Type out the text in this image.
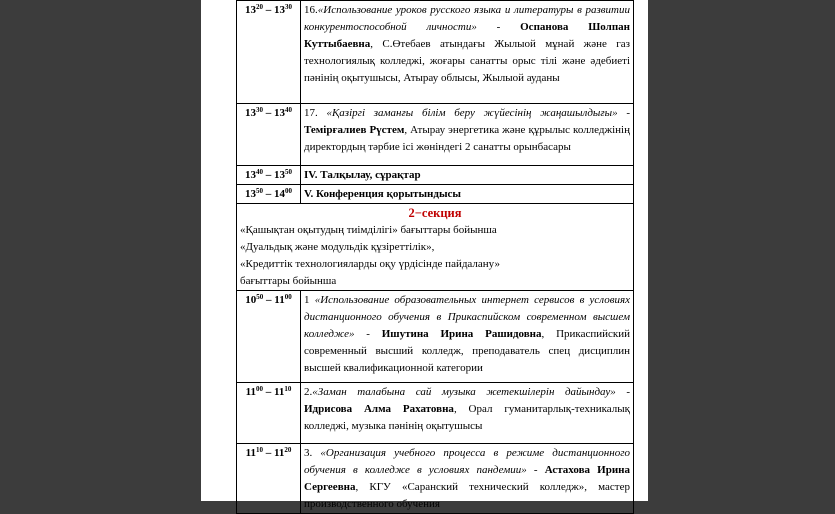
$13^{20} - 13^{30}$	16.«Использование уроков русского языка и литературы в развитии конкурентоспособной личности» - Оспанова Шолпан Куттыбаевна, С.Өтебаев атындағы Жылыой мұнай және газ технологиялық колледжі, жоғары санатты орыс тілі және әдебиеті пәнінің оқытушысы, Атырау облысы, Жылыой ауданы
$13^{30} - 13^{40}$	17. «Қазіргі заманғы білім беру жүйесінің жаңашылдығы» - Темірғалиев Рүстем, Атырау энергетика және құрылыс колледжінің директордың тәрбие ісі жөніндегі 2 санатты орынбасары
$13^{40} - 13^{50}$	IV. Талқылау, сұрақтар
$13^{50} - 14^{00}$	V. Конференция қорытындысы

2−секция
«Қашықтан оқытудың тиімділігі» бағыттары бойынша
«Дуальдық және модульдік құзіреттілік»,
«Кредиттік технологияларды оқу үрдісінде пайдалану»
бағыттары бойынша	

$10^{50} - 11^{00}$	1 «Использование образовательных интернет сервисов в условиях дистанционного обучения в Прикаспийском современном высшем колледже» - Ишутина Ирина Рашидовна, Прикаспийский современный высший колледж, преподаватель спец дисциплин высшей квалификационной категории
$11^{00} - 11^{10}$	2.«Заман талабына сай музыка жетекшілерін дайындау» - Идрисова Алма Рахатовна, Орал гуманитарлық-техникалық колледжі, музыка пәнінің оқытушысы
$11^{10} - 11^{20}$	3. «Организация учебного процесса в режиме дистанционного обучения в колледже в условиях пандемии» - Астахова Ирина Сергеевна, КГУ «Саранский технический колледж», мастер производственного обучения
